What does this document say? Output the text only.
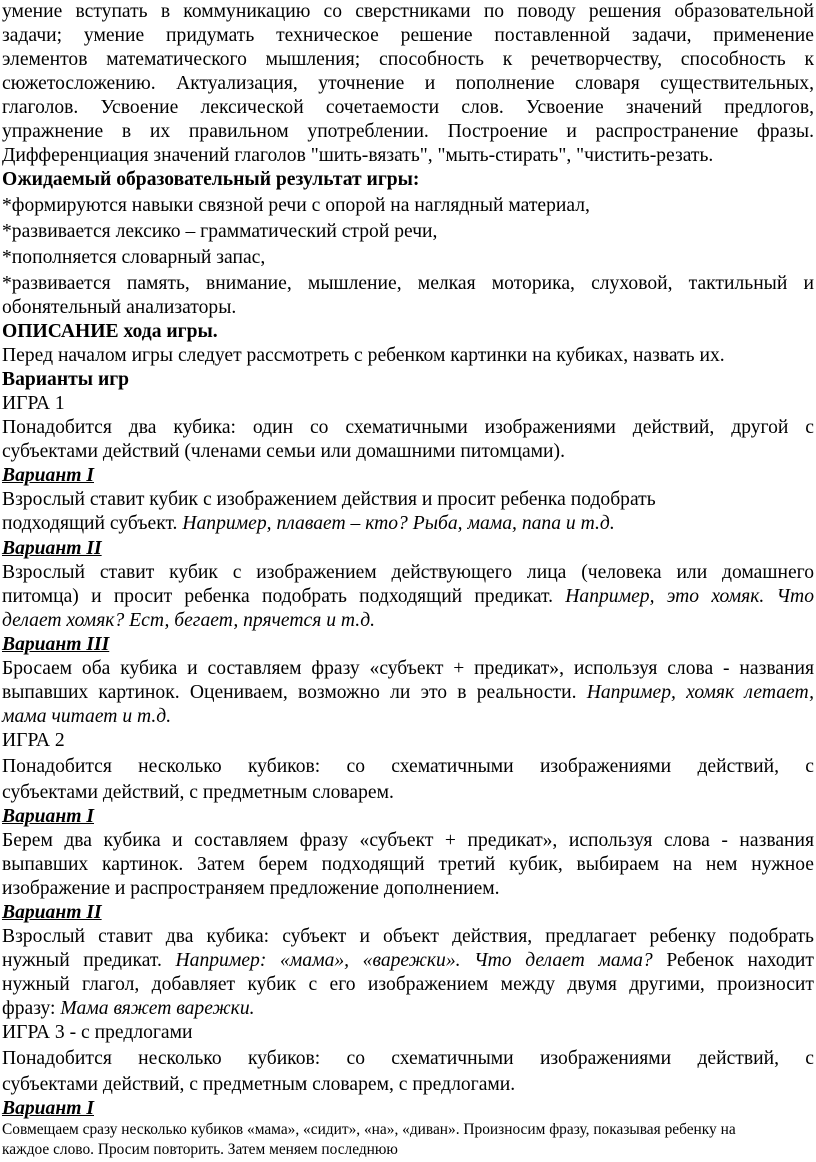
умение вступать в коммуникацию со сверстниками по поводу решения образовательной
задачи; умение придумать техническое решение поставленной задачи, применение
элементов математического мышления; способность к речетворчеству, способность к
сюжетосложению. Актуализация, уточнение и пополнение словаря существительных,
глаголов. Усвоение лексической сочетаемости слов. Усвоение значений предлогов,
упражнение в их правильном употреблении. Построение и распространение фразы.
Дифференциация значений глаголов "шить-вязать", "мыть-стирать", "чистить-резать.
Ожидаемый образовательный результат игры:
*формируются навыки связной речи с опорой на наглядный материал,
*развивается лексико – грамматический строй речи,
*пополняется словарный запас,
*развивается память, внимание, мышление, мелкая моторика, слуховой, тактильный и
обонятельный анализаторы.
ОПИСАНИЕ хода игры.
Перед началом игры следует рассмотреть с ребенком картинки на кубиках, назвать их.
Варианты игр
ИГРА 1
Понадобится два кубика: один со схематичными изображениями действий, другой с
субъектами действий (членами семьи или домашними питомцами).
Вариант I
Взрослый ставит кубик с изображением действия и просит ребенка подобрать
подходящий субъект. Например, плавает – кто? Рыба, мама, папа и т.д.
Вариант II
Взрослый ставит кубик с изображением действующего лица (человека или домашнего
питомца) и просит ребенка подобрать подходящий предикат. Например, это хомяк. Что
делает хомяк? Ест, бегает, прячется и т.д.
Вариант III
Бросаем оба кубика и составляем фразу «субъект + предикат», используя слова - названия
выпавших картинок. Оцениваем, возможно ли это в реальности. Например, хомяк летает,
мама читает и т.д.
ИГРА 2
Понадобится несколько кубиков: со схематичными изображениями действий, с
субъектами действий, с предметным словарем.
Вариант I
Берем два кубика и составляем фразу «субъект + предикат», используя слова - названия
выпавших картинок. Затем берем подходящий третий кубик, выбираем на нем нужное
изображение и распространяем предложение дополнением.
Вариант II
Взрослый ставит два кубика: субъект и объект действия, предлагает ребенку подобрать
нужный предикат. Например: «мама», «варежки». Что делает мама? Ребенок находит
нужный глагол, добавляет кубик с его изображением между двумя другими, произносит
фразу: Мама вяжет варежки.
ИГРА 3 - с предлогами
Понадобится несколько кубиков: со схематичными изображениями действий, с
субъектами действий, с предметным словарем, с предлогами.
Вариант I
Совмещаем сразу несколько кубиков «мама», «сидит», «на», «диван». Произносим фразу, показывая ребенку на
каждое слово. Просим повторить. Затем меняем последнюю
